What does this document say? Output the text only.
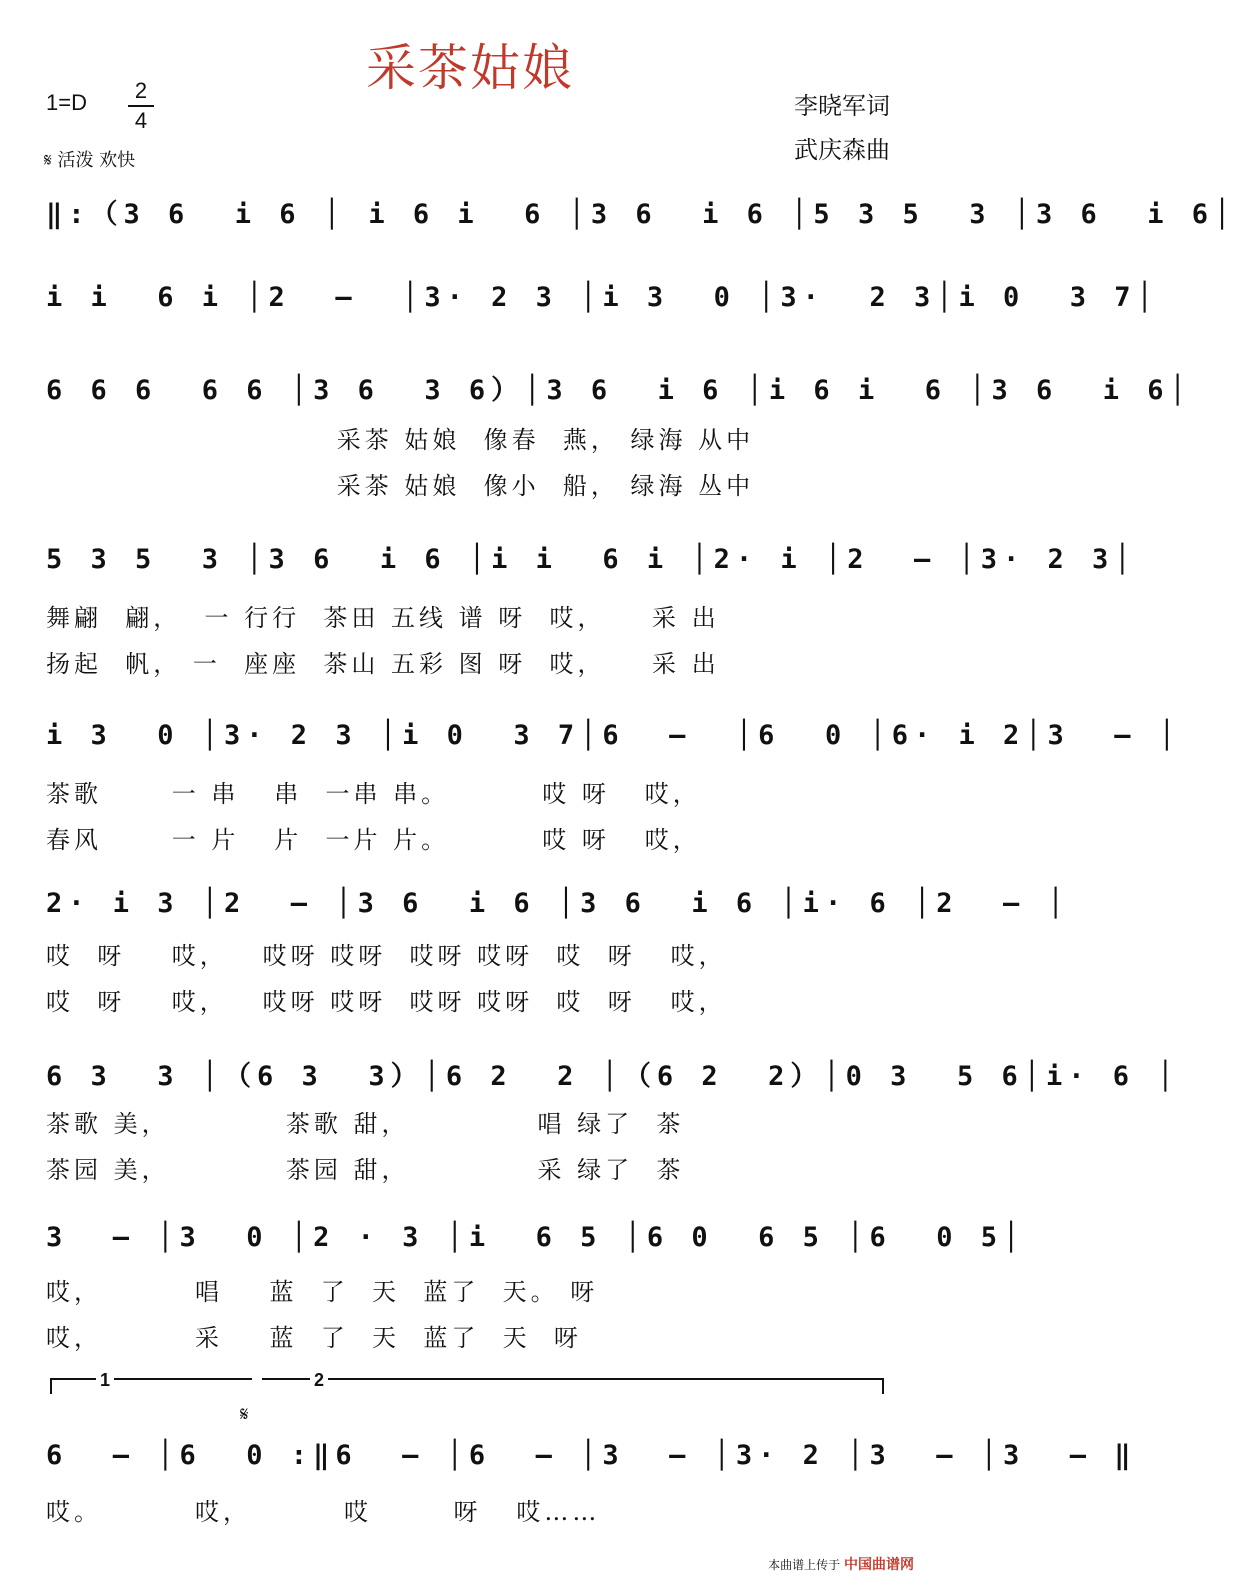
采茶姑娘
1=D	2
4
𝄋 活泼 欢快
李晓军词
武庆森曲
‖:（3 6  i 6 │ i 6 i  6 │3 6  i 6 │5 3 5  3 │3 6  i 6│
i i  6 i │2  –  │3· 2 3 │i 3  0 │3·  2 3│i 0  3 7│
6 6 6  6 6 │3 6  3 6）│3 6  i 6 │i 6 i  6 │3 6  i 6│
采茶 姑娘  像春  燕， 绿海 从中
采茶 姑娘  像小  船， 绿海 丛中
5 3 5  3 │3 6  i 6 │i i  6 i │2· i │2  – │3· 2 3│
舞翩  翩，  一 行行  茶田 五线 谱 呀  哎，    采 出
扬起  帆， 一  座座  茶山 五彩 图 呀  哎，    采 出
i 3  0 │3· 2 3 │i 0  3 7│6  –  │6  0 │6· i 2│3  – │
茶歌      一 串   串  一串 串。        哎 呀   哎，
春风      一 片   片  一片 片。        哎 呀   哎，
2· i 3 │2  – │3 6  i 6 │3 6  i 6 │i· 6 │2  – │
哎  呀    哎，   哎呀 哎呀  哎呀 哎呀  哎  呀   哎，
哎  呀    哎，   哎呀 哎呀  哎呀 哎呀  哎  呀   哎，
6 3  3 │（6 3  3）│6 2  2 │（6 2  2）│0 3  5 6│i· 6 │
茶歌 美，          茶歌 甜，           唱 绿了  茶
茶园 美，          茶园 甜，           采 绿了  茶
3  – │3  0 │2 · 3 │i  6 5 │6 0  6 5 │6  0 5│
哎，        唱    蓝  了  天  蓝了  天。 呀
哎，        采    蓝  了  天  蓝了  天  呀
1	2
𝄋
6  – │6  0 :‖6  – │6  – │3  – │3· 2 │3  – │3  – ‖
哎。        哎，        哎       呀   哎……
本曲谱上传于 中国曲谱网
